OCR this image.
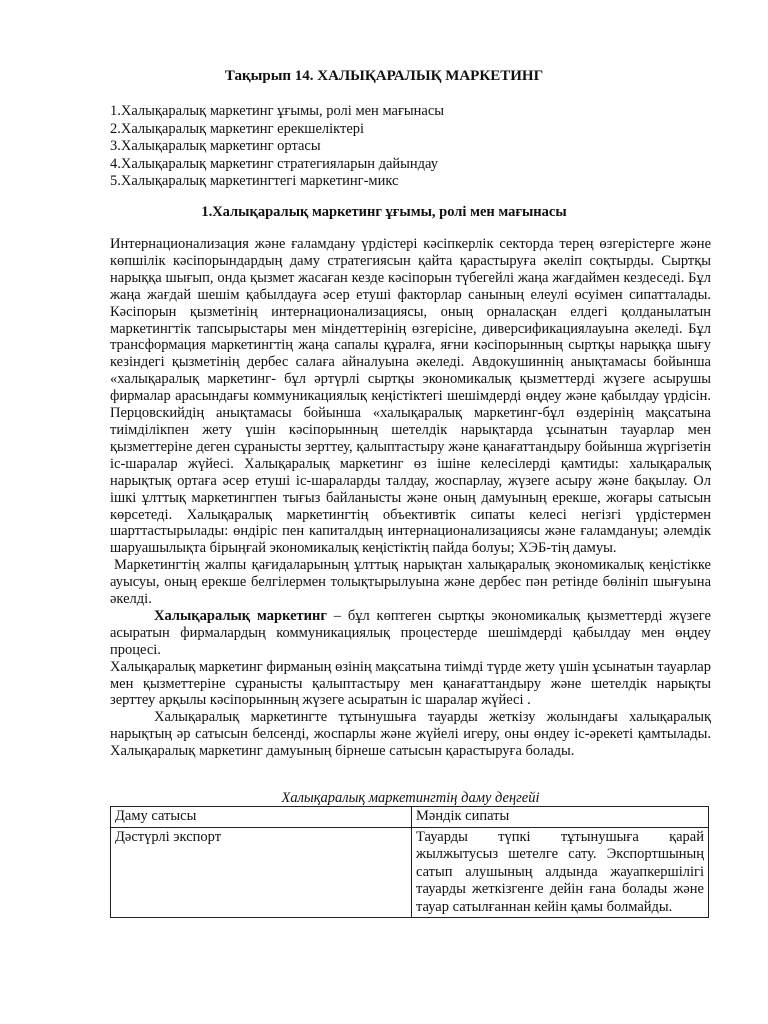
Тақырып 14. ХАЛЫҚАРАЛЫҚ МАРКЕТИНГ
1.Халықаралық маркетинг ұғымы, ролі мен мағынасы
2.Халықаралық маркетинг ерекшеліктері
3.Халықаралық маркетинг ортасы
4.Халықаралық маркетинг стратегияларын дайындау
5.Халықаралық маркетингтегі маркетинг-микс
1.Халықаралық маркетинг ұғымы, ролі мен мағынасы

Интернационализация және ғаламдану үрдістері кәсіпкерлік секторда терең өзгерістерге және көпшілік кәсіпорындардың даму стратегиясын қайта қарастыруға әкеліп соқтырды. Сыртқы нарыққа шығып, онда қызмет жасаған кезде кәсіпорын түбегейлі жаңа жағдаймен кездеседі. Бұл жаңа жағдай шешім қабылдауға әсер етуші факторлар санының елеулі өсуімен сипатталады. Кәсіпорын қызметінің интернационализациясы, оның орналасқан елдегі қолданылатын маркетингтік тапсырыстары мен міндеттерінің өзгерісіне, диверсификациялауына әкеледі. Бұл трансформация маркетингтің жаңа сапалы құралға, яғни кәсіпорынның сыртқы нарыққа шығу кезіндегі қызметінің дербес салаға айналуына әкеледі. Авдокушиннің анықтамасы бойынша «халықаралық маркетинг- бұл әртүрлі сыртқы экономикалық қызметтерді жүзеге асырушы фирмалар арасындағы коммуникациялық кеңістіктегі шешімдерді өңдеу және қабылдау үрдісін. Перцовскийдің анықтамасы бойынша «халықаралық маркетинг-бұл өздерінің мақсатына тиімдiлiкпен жету үшін кәсіпорынның шетелдік нарықтарда ұсынатын тауарлар мен қызметтеріне деген сұранысты зерттеу, қалыптастыру және қанағаттандыру бойынша жүргізетін іс-шаралар жүйесі. Халықаралық маркетинг өз ішіне келесілерді қамтиды: халықаралық нарықтық ортаға әсер етуші іс-шараларды талдау, жоспарлау, жүзеге асыру және бақылау. Ол ішкі ұлттық маркетингпен тығыз байланысты және оның дамуының ерекше, жоғары сатысын көрсетеді. Халықаралық маркетингтің объективтік сипаты келесі негізгі үрдістермен шарттастырылады: өндіріс пен капиталдың интернационализациясы және ғаламдануы; әлемдік шаруашылықта бірыңғай экономикалық кеңістіктің пайда болуы; ХЭБ-тің дамуы.

Маркетингтің жалпы қағидаларының ұлттық нарықтан халықаралық экономикалық кеңістікке ауысуы, оның ерекше белгілермен толықтырылуына және дербес пән ретінде бөлініп шығуына әкелді.

Халықаралық маркетинг – бұл көптеген сыртқы экономикалық қызметтерді жүзеге асыратын фирмалардың коммуникациялық процестерде шешімдерді қабылдау мен өңдеу процесі.

Халықаралық маркетинг фирманың өзінің мақсатына тиімді түрде жету үшін ұсынатын тауарлар мен қызметтеріне сұранысты қалыптастыру мен қанағаттандыру және шетелдік нарықты зерттеу арқылы кәсіпорынның жүзеге асыратын іс шаралар жүйесі .

Халықаралық маркетингте тұтынушыға тауарды жеткізу жолындағы халықаралық нарықтың әр сатысын белсенді, жоспарлы және жүйелі игеру, оны өндеу іс-әрекеті қамтылады. Халықаралық маркетинг дамуының бірнеше сатысын қарастыруға болады.

Халықаралық маркетингтің даму деңгейі
Даму сатысы	Мәндік сипаты
Дәстүрлі экспорт	Тауарды түпкі тұтынушыға қарай жылжытусыз шетелге сату. Экспортшының сатып алушының алдында жауапкершілігі тауарды жеткізгенге дейін ғана болады және тауар сатылғаннан кейін қамы болмайды.
